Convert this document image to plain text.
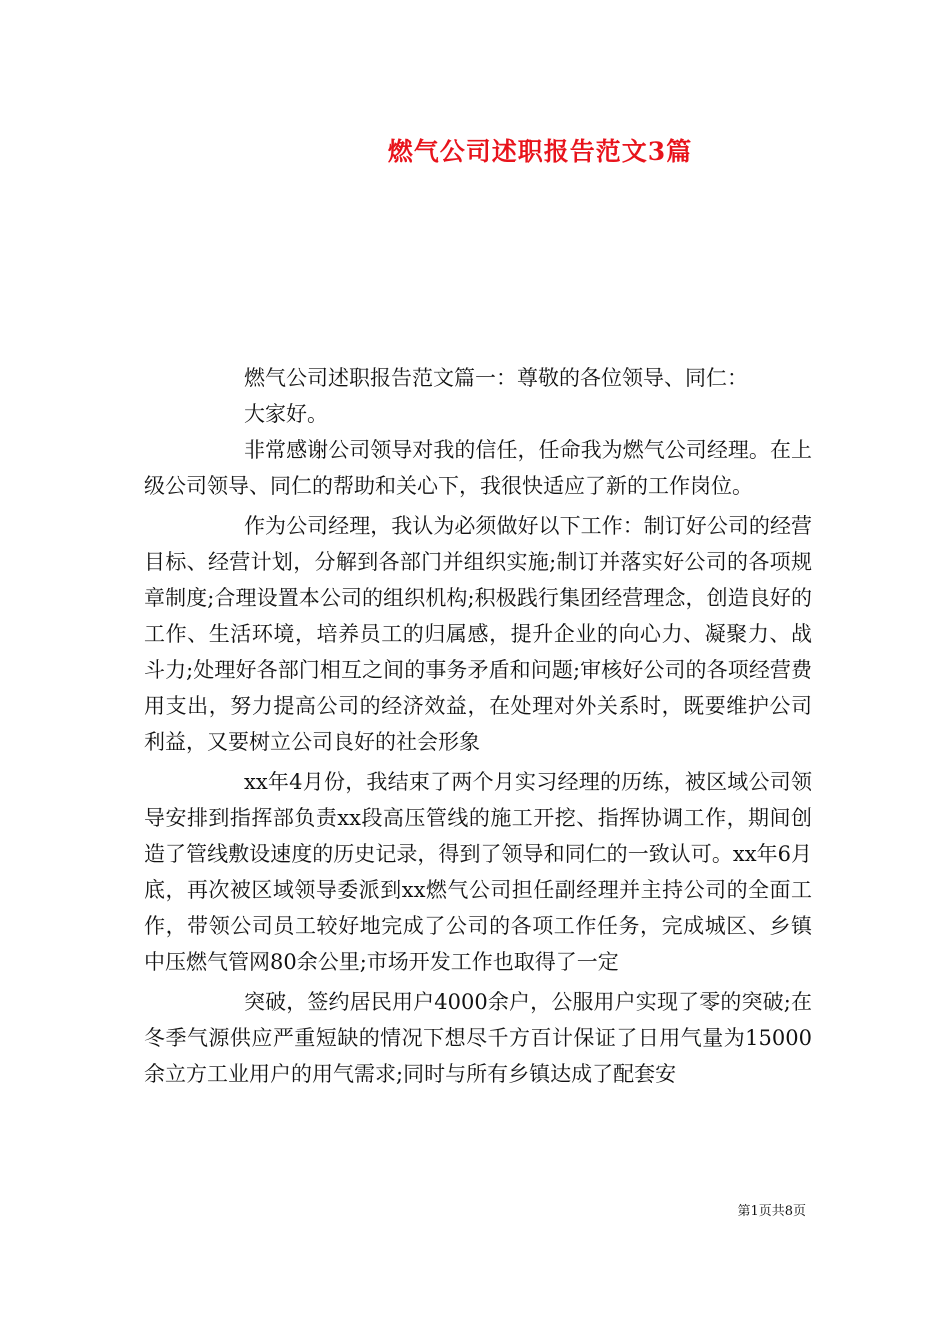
燃气公司述职报告范文3篇

燃气公司述职报告范文篇一：尊敬的各位领导、同仁：

大家好。

非常感谢公司领导对我的信任，任命我为燃气公司经理。在上级公司领导、同仁的帮助和关心下，我很快适应了新的工作岗位。

作为公司经理，我认为必须做好以下工作：制订好公司的经营目标、经营计划，分解到各部门并组织实施;制订并落实好公司的各项规章制度;合理设置本公司的组织机构;积极践行集团经营理念，创造良好的工作、生活环境，培养员工的归属感，提升企业的向心力、凝聚力、战斗力;处理好各部门相互之间的事务矛盾和问题;审核好公司的各项经营费用支出，努力提高公司的经济效益，在处理对外关系时，既要维护公司利益，又要树立公司良好的社会形象

xx年4月份，我结束了两个月实习经理的历练，被区域公司领导安排到指挥部负责xx段高压管线的施工开挖、指挥协调工作，期间创造了管线敷设速度的历史记录，得到了领导和同仁的一致认可。xx年6月底，再次被区域领导委派到xx燃气公司担任副经理并主持公司的全面工作，带领公司员工较好地完成了公司的各项工作任务，完成城区、乡镇中压燃气管网80余公里;市场开发工作也取得了一定

突破，签约居民用户4000余户，公服用户实现了零的突破;在冬季气源供应严重短缺的情况下想尽千方百计保证了日用气量为15000余立方工业用户的用气需求;同时与所有乡镇达成了配套安

第1页共8页
